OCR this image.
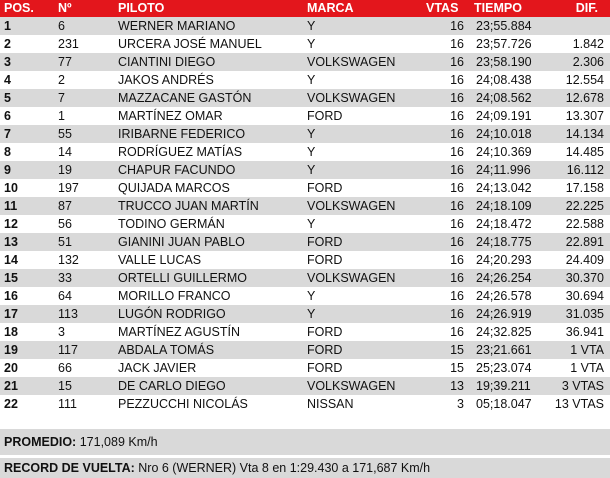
POS.	Nº	PILOTO	MARCA	VTAS	TIEMPO	DIF.
1	6	WERNER MARIANO	Y	16	23;55.884	
2	231	URCERA JOSÉ MANUEL	Y	16	23;57.726	1.842
3	77	CIANTINI DIEGO	VOLKSWAGEN	16	23;58.190	2.306
4	2	JAKOS ANDRÉS	Y	16	24;08.438	12.554
5	7	MAZZACANE GASTÓN	VOLKSWAGEN	16	24;08.562	12.678
6	1	MARTÍNEZ OMAR	FORD	16	24;09.191	13.307
7	55	IRIBARNE FEDERICO	Y	16	24;10.018	14.134
8	14	RODRÍGUEZ MATÍAS	Y	16	24;10.369	14.485
9	19	CHAPUR FACUNDO	Y	16	24;11.996	16.112
10	197	QUIJADA MARCOS	FORD	16	24;13.042	17.158
11	87	TRUCCO JUAN MARTÍN	VOLKSWAGEN	16	24;18.109	22.225
12	56	TODINO GERMÁN	Y	16	24;18.472	22.588
13	51	GIANINI JUAN PABLO	FORD	16	24;18.775	22.891
14	132	VALLE LUCAS	FORD	16	24;20.293	24.409
15	33	ORTELLI GUILLERMO	VOLKSWAGEN	16	24;26.254	30.370
16	64	MORILLO FRANCO	Y	16	24;26.578	30.694
17	113	LUGÓN RODRIGO	Y	16	24;26.919	31.035
18	3	MARTÍNEZ AGUSTÍN	FORD	16	24;32.825	36.941
19	117	ABDALA TOMÁS	FORD	15	23;21.661	1 VTA
20	66	JACK JAVIER	FORD	15	25;23.074	1 VTA
21	15	DE CARLO DIEGO	VOLKSWAGEN	13	19;39.211	3 VTAS
22	111	PEZZUCCHI NICOLÁS	NISSAN	3	05;18.047	13 VTAS
PROMEDIO: 171,089 Km/h
RECORD DE VUELTA: Nro 6 (WERNER) Vta 8 en 1:29.430 a 171,687 Km/h
